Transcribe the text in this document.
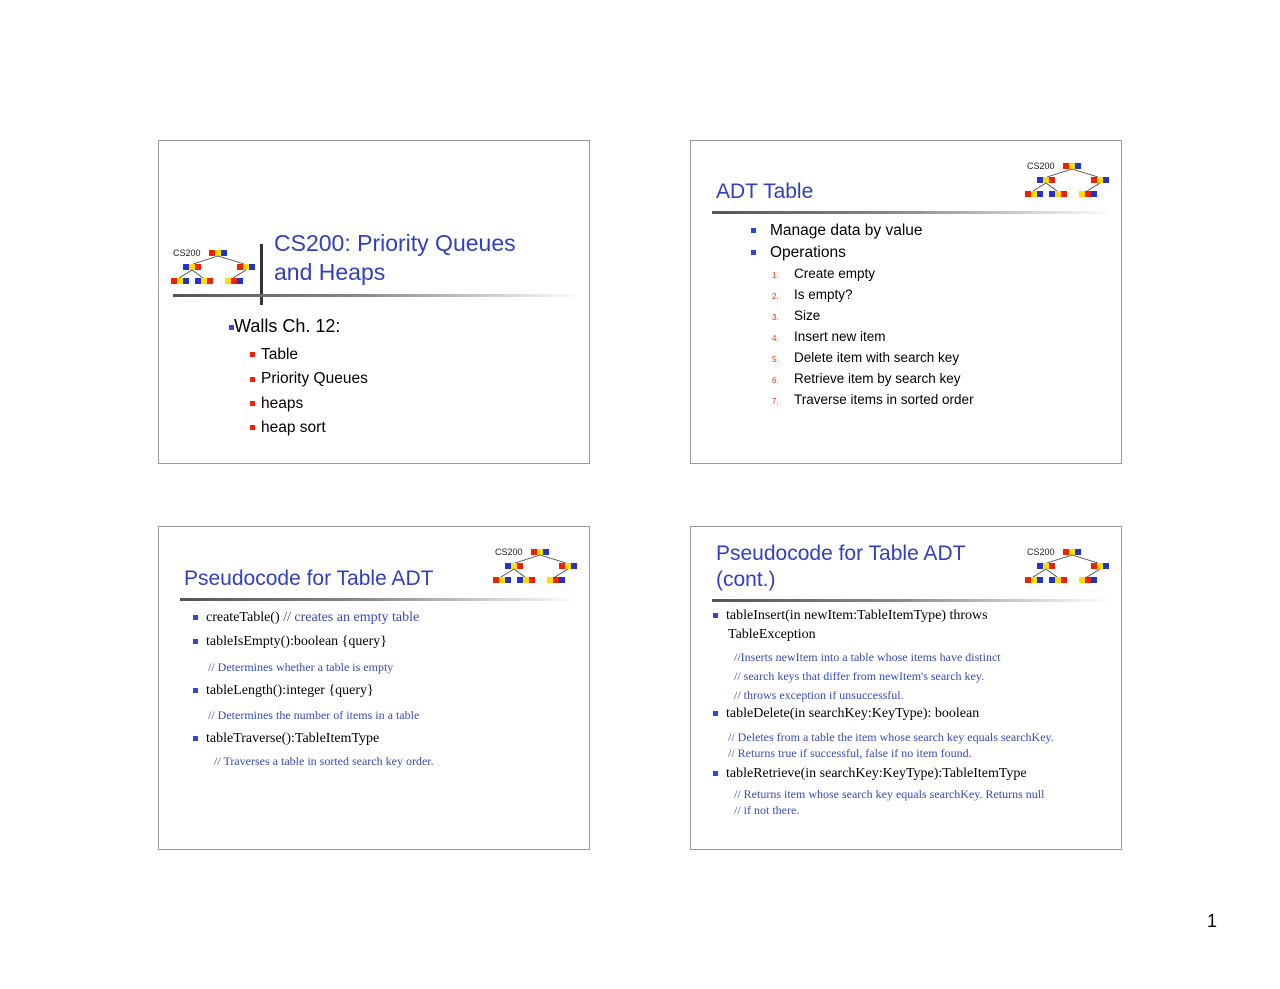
CS200	CS200: Priority Queues
and Heaps
Walls Ch. 12:
Table
Priority Queues
heaps
heap sort
CS200
ADT Table
Manage data by value
Operations
1. Create empty
2. Is empty?
3. Size
4. Insert new item
5. Delete item with search key
6. Retrieve item by search key
7. Traverse items in sorted order
CS200
Pseudocode for Table ADT
createTable() // creates an empty table
tableIsEmpty():boolean {query}
// Determines whether a table is empty
tableLength():integer {query}
// Determines the number of items in a table
tableTraverse():TableItemType
// Traverses a table in sorted search key order.
CS200
Pseudocode for Table ADT
(cont.)
tableInsert(in newItem:TableItemType) throws
TableException
//Inserts newItem into a table whose items have distinct
// search keys that differ from newItem's search key.
// throws exception if unsuccessful.
tableDelete(in searchKey:KeyType): boolean
// Deletes from a table the item whose search key equals searchKey.
// Returns true if successful, false if no item found.
tableRetrieve(in searchKey:KeyType):TableItemType
// Returns item whose search key equals searchKey. Returns null
// if not there.
1
